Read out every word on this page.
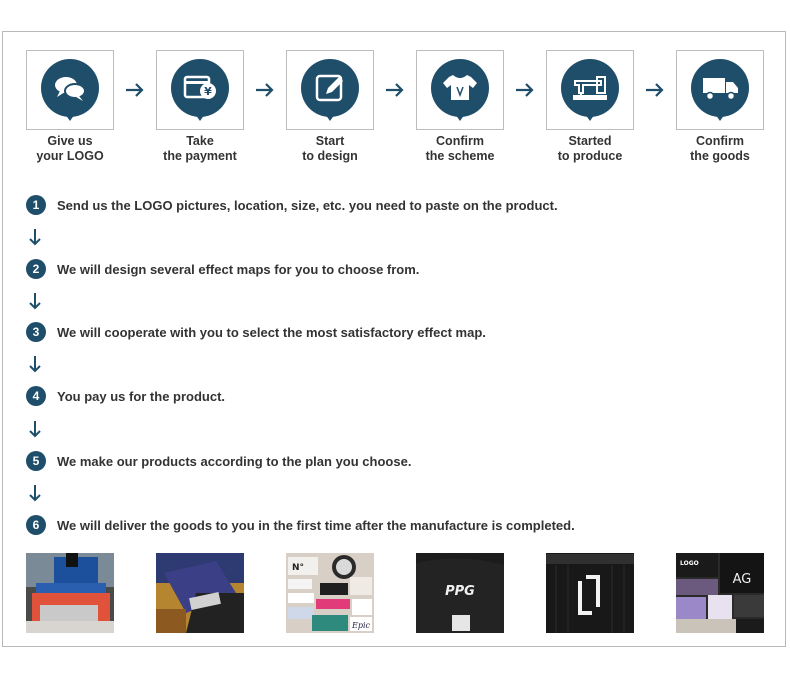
¥
Give us
your LOGO
Take
the payment
Start
to design
Confirm
the scheme
Started
to produce
Confirm
the goods
1	Send us the LOGO pictures, location, size, etc. you need to paste on the product.
2	We will design several effect maps for you to choose from.
3	We will cooperate with you to select the most satisfactory effect map.
4	You pay us for the product.
5	We make our products according to the plan you choose.
6	We will deliver the goods to you in the first time after the manufacture is completed.
N°
Epic
PPG
LOGO
AG
